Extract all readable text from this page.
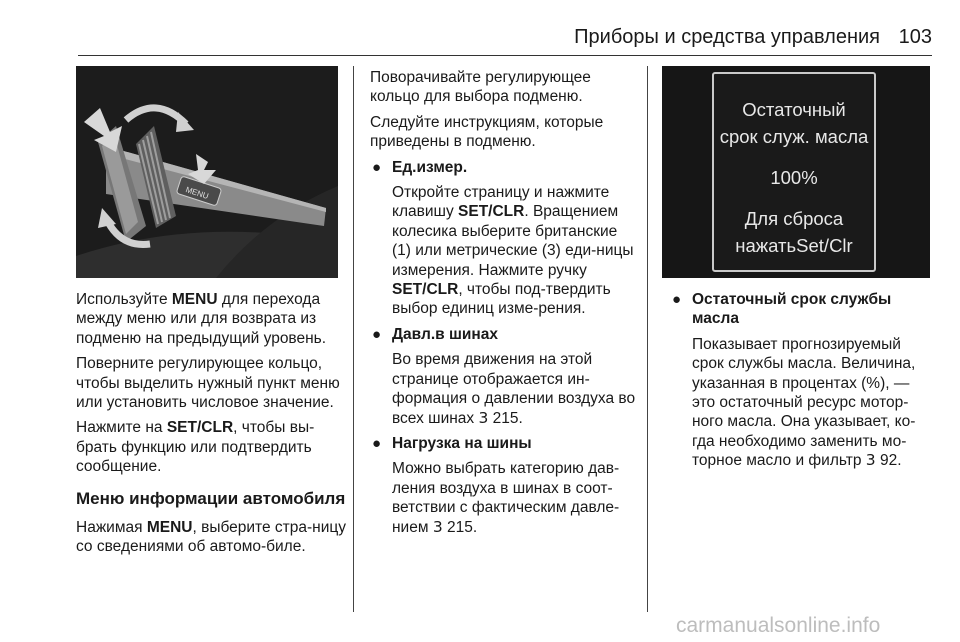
Приборы и средства управления 103
MENU

Используйте MENU для перехода между меню или для возврата из подменю на предыдущий уровень.

Поверните регулирующее кольцо, чтобы выделить нужный пункт меню или установить числовое значение.

Нажмите на SET/CLR, чтобы вы-брать функцию или подтвердить сообщение.

Меню информации автомобиля

Нажимая MENU, выберите стра-ницу со сведениями об автомо-биле.

Поворачивайте регулирующее кольцо для выбора подменю.

Следуйте инструкциям, которые приведены в подменю.

● Ед.измер.
Откройте страницу и нажмите клавишу SET/CLR. Вращением колесика выберите британские (1) или метрические (3) еди-ницы измерения. Нажмите ручку SET/CLR, чтобы под-твердить выбор единиц изме-рения.
● Давл.в шинах
Во время движения на этой странице отображается ин-формация о давлении воздуха во всех шинах 3 215.
● Нагрузка на шины
Можно выбрать категорию дав-ления воздуха в шинах в соот-ветствии с фактическим давле-нием 3 215.
Остаточный
срок служ. масла
100%
Для сброса
нажатьSet/Clr
● Остаточный срок службы масла
Показывает прогнозируемый срок службы масла. Величина, указанная в процентах (%), — это остаточный ресурс мотор-ного масла. Она указывает, ко-гда необходимо заменить мо-торное масло и фильтр 3 92.
carmanualsonline.info
